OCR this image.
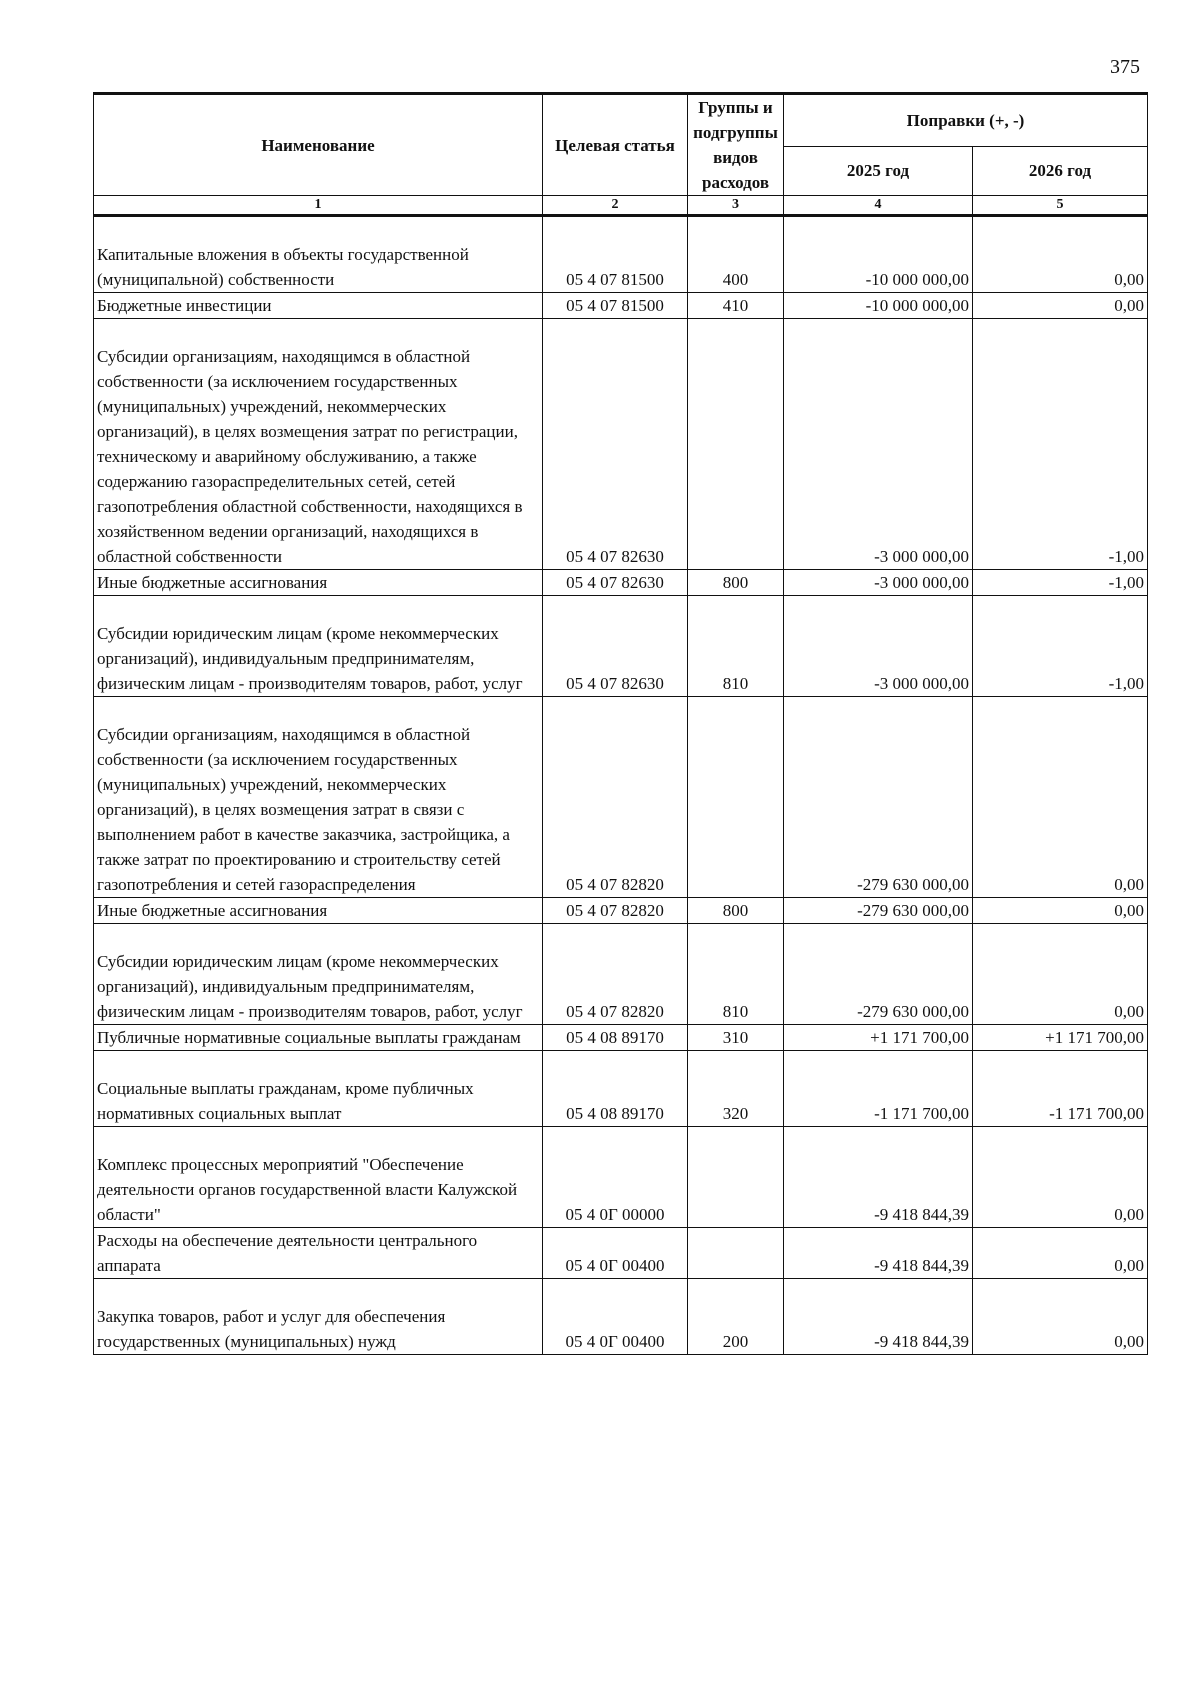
375
Наименование	Целевая статья	Группы и подгруппы видов расходов	Поправки (+, -)	
			2025 год	2026 год
1	2	3	4	5

Капитальные вложения в объекты государственной (муниципальной) собственности	05 4 07 81500	400	-10 000 000,00	0,00
Бюджетные инвестиции	05 4 07 81500	410	-10 000 000,00	0,00

Субсидии организациям, находящимся в областной собственности (за исключением государственных (муниципальных) учреждений, некоммерческих организаций), в целях возмещения затрат по регистрации, техническому и аварийному обслуживанию, а также содержанию газораспределительных сетей, сетей газопотребления областной собственности, находящихся в хозяйственном ведении организаций, находящихся в областной собственности	05 4 07 82630		-3 000 000,00	-1,00
Иные бюджетные ассигнования	05 4 07 82630	800	-3 000 000,00	-1,00

Субсидии юридическим лицам (кроме некоммерческих организаций), индивидуальным предпринимателям, физическим лицам - производителям товаров, работ, услуг	05 4 07 82630	810	-3 000 000,00	-1,00

Субсидии организациям, находящимся в областной собственности (за исключением государственных (муниципальных) учреждений, некоммерческих организаций), в целях возмещения затрат в связи с выполнением работ в качестве заказчика, застройщика, а также затрат по проектированию и строительству сетей газопотребления и сетей газораспределения	05 4 07 82820		-279 630 000,00	0,00
Иные бюджетные ассигнования	05 4 07 82820	800	-279 630 000,00	0,00

Субсидии юридическим лицам (кроме некоммерческих организаций), индивидуальным предпринимателям, физическим лицам - производителям товаров, работ, услуг	05 4 07 82820	810	-279 630 000,00	0,00
Публичные нормативные социальные выплаты гражданам	05 4 08 89170	310	+1 171 700,00	+1 171 700,00

Социальные выплаты гражданам, кроме публичных нормативных социальных выплат	05 4 08 89170	320	-1 171 700,00	-1 171 700,00

Комплекс процессных мероприятий "Обеспечение деятельности органов государственной власти Калужской области"	05 4 0Г 00000		-9 418 844,39	0,00
Расходы на обеспечение деятельности центрального аппарата	05 4 0Г 00400		-9 418 844,39	0,00

Закупка товаров, работ и услуг для обеспечения государственных (муниципальных) нужд	05 4 0Г 00400	200	-9 418 844,39	0,00
